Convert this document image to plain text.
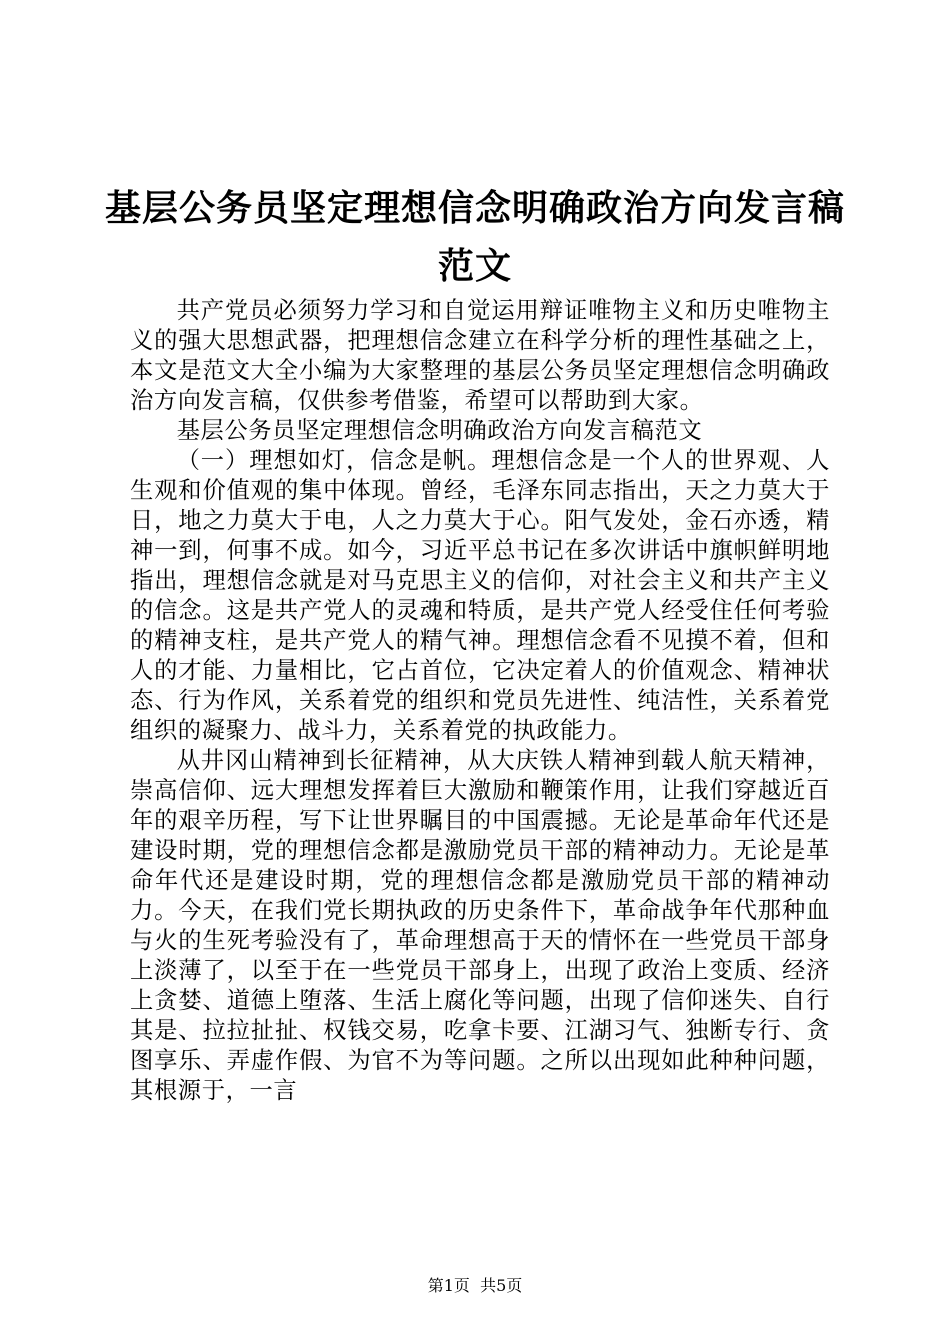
基层公务员坚定理想信念明确政治方向发言稿
范文

共产党员必须努力学习和自觉运用辩证唯物主义和历史唯物主义的强大思想武器，把理想信念建立在科学分析的理性基础之上，本文是范文大全小编为大家整理的基层公务员坚定理想信念明确政治方向发言稿，仅供参考借鉴，希望可以帮助到大家。

基层公务员坚定理想信念明确政治方向发言稿范文

（一）理想如灯，信念是帆。理想信念是一个人的世界观、人生观和价值观的集中体现。曾经，毛泽东同志指出，天之力莫大于日，地之力莫大于电，人之力莫大于心。阳气发处，金石亦透，精神一到，何事不成。如今，习近平总书记在多次讲话中旗帜鲜明地指出，理想信念就是对马克思主义的信仰，对社会主义和共产主义的信念。这是共产党人的灵魂和特质，是共产党人经受住任何考验的精神支柱，是共产党人的精气神。理想信念看不见摸不着，但和人的才能、力量相比，它占首位，它决定着人的价值观念、精神状态、行为作风，关系着党的组织和党员先进性、纯洁性，关系着党组织的凝聚力、战斗力，关系着党的执政能力。

从井冈山精神到长征精神，从大庆铁人精神到载人航天精神，崇高信仰、远大理想发挥着巨大激励和鞭策作用，让我们穿越近百年的艰辛历程，写下让世界瞩目的中国震撼。无论是革命年代还是建设时期，党的理想信念都是激励党员干部的精神动力。无论是革命年代还是建设时期，党的理想信念都是激励党员干部的精神动力。今天，在我们党长期执政的历史条件下，革命战争年代那种血与火的生死考验没有了，革命理想高于天的情怀在一些党员干部身上淡薄了，以至于在一些党员干部身上，出现了政治上变质、经济上贪婪、道德上堕落、生活上腐化等问题，出现了信仰迷失、自行其是、拉拉扯扯、权钱交易，吃拿卡要、江湖习气、独断专行、贪图享乐、弄虚作假、为官不为等问题。之所以出现如此种种问题，其根源于，一言

第1页 共5页
